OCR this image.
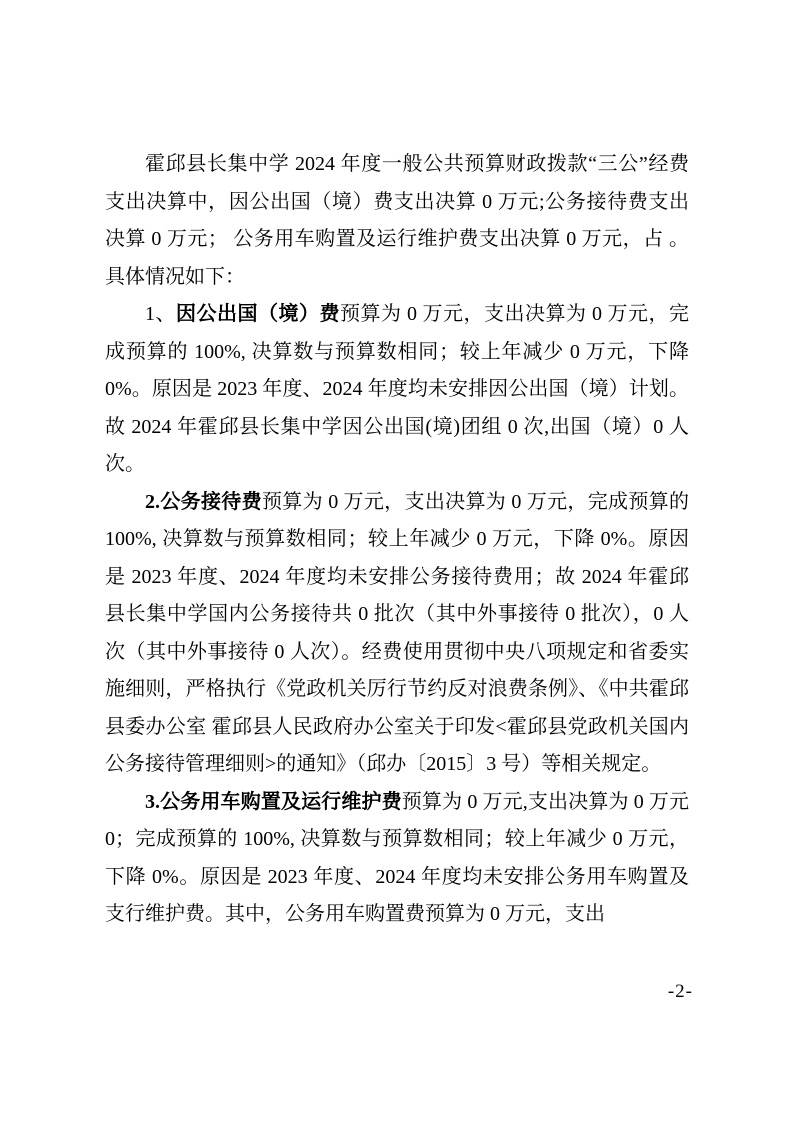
霍邱县长集中学 2024 年度一般公共预算财政拨款“三公”经费支出决算中，因公出国（境）费支出决算 0 万元;公务接待费支出决算 0 万元； 公务用车购置及运行维护费支出决算 0 万元，占 。具体情况如下：

1、因公出国（境）费预算为 0 万元，支出决算为 0 万元，完成预算的 100%, 决算数与预算数相同；较上年减少 0 万元，下降 0%。原因是 2023 年度、2024 年度均未安排因公出国（境）计划。故 2024 年霍邱县长集中学因公出国(境)团组 0 次,出国（境）0 人次。

2.公务接待费预算为 0 万元，支出决算为 0 万元，完成预算的 100%, 决算数与预算数相同；较上年减少 0 万元，下降 0%。原因是 2023 年度、2024 年度均未安排公务接待费用；故 2024 年霍邱县长集中学国内公务接待共 0 批次（其中外事接待 0 批次），0 人次（其中外事接待 0 人次）。经费使用贯彻中央八项规定和省委实施细则，严格执行《党政机关厉行节约反对浪费条例》、《中共霍邱县委办公室 霍邱县人民政府办公室关于印发<霍邱县党政机关国内公务接待管理细则>的通知》（邱办〔2015〕3 号）等相关规定。

3.公务用车购置及运行维护费预算为 0 万元,支出决算为 0 万元 0；完成预算的 100%, 决算数与预算数相同；较上年减少 0 万元，下降 0%。原因是 2023 年度、2024 年度均未安排公务用车购置及支行维护费。其中，公务用车购置费预算为 0 万元，支出

-2-
